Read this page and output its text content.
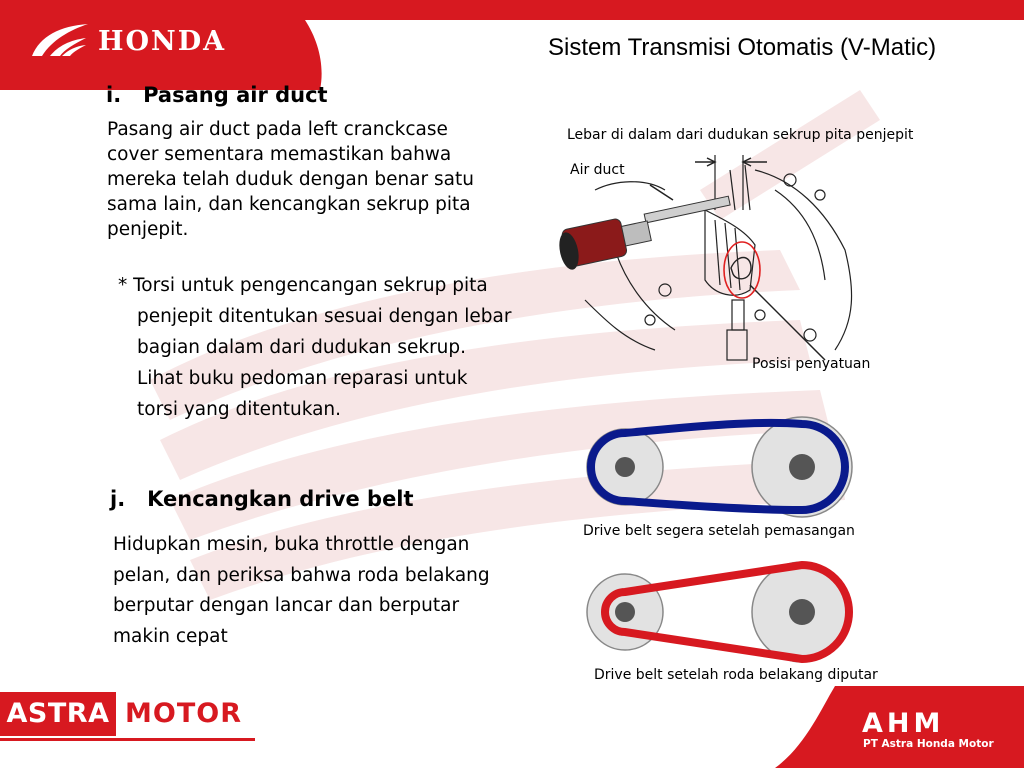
HONDA	Sistem Transmisi Otomatis (V-Matic)
i.   Pasang air duct
Pasang air duct pada left cranckcase
cover sementara memastikan bahwa
mereka telah duduk dengan benar satu
sama lain, dan kencangkan sekrup pita
penjepit.
* Torsi untuk pengencangan sekrup pita
penjepit ditentukan sesuai dengan lebar
bagian dalam dari dudukan sekrup.
Lihat buku pedoman reparasi untuk
torsi yang ditentukan.
Lebar di dalam dari dudukan sekrup pita penjepit
Air duct
Posisi penyatuan
j.   Kencangkan drive belt
Hidupkan mesin, buka throttle dengan
pelan, dan periksa bahwa roda belakang
berputar dengan lancar dan berputar
makin cepat
Drive belt segera setelah pemasangan
Drive belt setelah roda belakang diputar
ASTRA MOTOR	AHM
PT Astra Honda Motor
